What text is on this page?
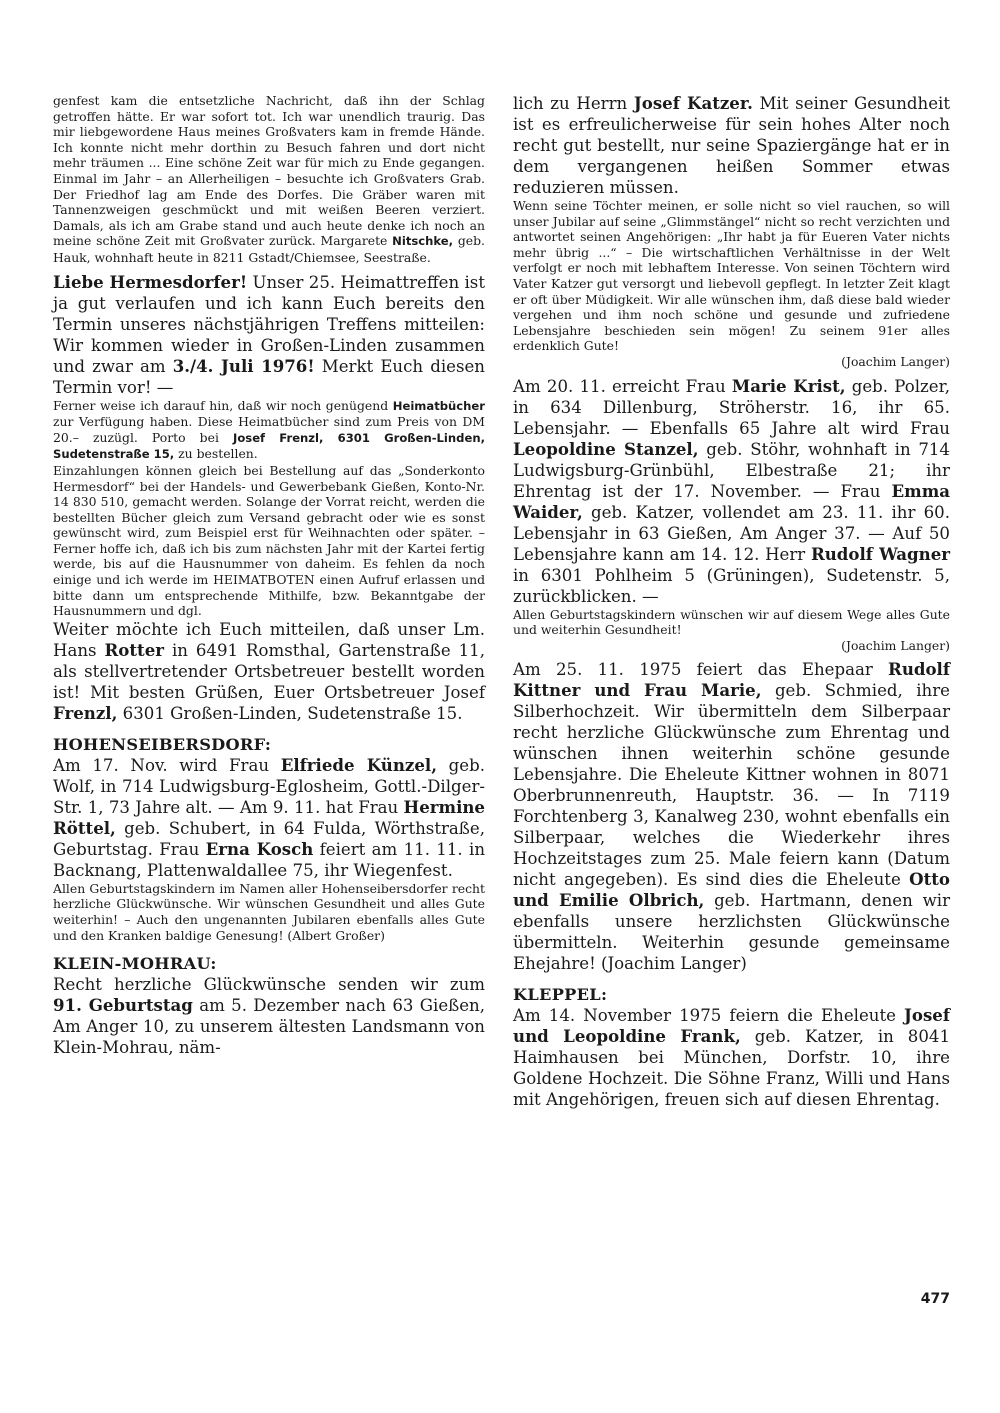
genfest kam die entsetzliche Nachricht, daß ihn der Schlag getroffen hätte. Er war sofort tot. Ich war unendlich traurig. Das mir liebgewordene Haus meines Großvaters kam in fremde Hände. Ich konnte nicht mehr dorthin zu Besuch fahren und dort nicht mehr träumen ... Eine schöne Zeit war für mich zu Ende gegangen. Einmal im Jahr – an Allerheiligen – besuchte ich Großvaters Grab. Der Friedhof lag am Ende des Dorfes. Die Gräber waren mit Tannenzweigen geschmückt und mit weißen Beeren verziert. Damals, als ich am Grabe stand und auch heute denke ich noch an meine schöne Zeit mit Großvater zurück. Margarete Nitschke, geb. Hauk, wohnhaft heute in 8211 Gstadt/Chiemsee, Seestraße.

Liebe Hermesdorfer! Unser 25. Heimattreffen ist ja gut verlaufen und ich kann Euch bereits den Termin unseres nächstjährigen Treffens mitteilen: Wir kommen wieder in Großen-Linden zusammen und zwar am 3./4. Juli 1976! Merkt Euch diesen Termin vor! —

Ferner weise ich darauf hin, daß wir noch genügend Heimatbücher zur Verfügung haben. Diese Heimatbücher sind zum Preis von DM 20.– zuzügl. Porto bei Josef Frenzl, 6301 Großen-Linden, Sudetenstraße 15, zu bestellen.

Einzahlungen können gleich bei Bestellung auf das „Sonderkonto Hermesdorf“ bei der Handels- und Gewerbebank Gießen, Konto-Nr. 14 830 510, gemacht werden. Solange der Vorrat reicht, werden die bestellten Bücher gleich zum Versand gebracht oder wie es sonst gewünscht wird, zum Beispiel erst für Weihnachten oder später. – Ferner hoffe ich, daß ich bis zum nächsten Jahr mit der Kartei fertig werde, bis auf die Hausnummer von daheim. Es fehlen da noch einige und ich werde im HEIMATBOTEN einen Aufruf erlassen und bitte dann um entsprechende Mithilfe, bzw. Bekanntgabe der Hausnummern und dgl.

Weiter möchte ich Euch mitteilen, daß unser Lm. Hans Rotter in 6491 Romsthal, Gartenstraße 11, als stellvertretender Ortsbetreuer bestellt worden ist! Mit besten Grüßen, Euer Ortsbetreuer Josef Frenzl, 6301 Großen-Linden, Sudetenstraße 15.

HOHENSEIBERSDORF:

Am 17. Nov. wird Frau Elfriede Künzel, geb. Wolf, in 714 Ludwigsburg-Eglosheim, Gottl.-Dilger-Str. 1, 73 Jahre alt. — Am 9. 11. hat Frau Hermine Röttel, geb. Schubert, in 64 Fulda, Wörthstraße, Geburtstag. Frau Erna Kosch feiert am 11. 11. in Backnang, Plattenwaldallee 75, ihr Wiegenfest.

Allen Geburtstagskindern im Namen aller Hohenseibersdorfer recht herzliche Glückwünsche. Wir wünschen Gesundheit und alles Gute weiterhin! – Auch den ungenannten Jubilaren ebenfalls alles Gute und den Kranken baldige Genesung! (Albert Großer)

KLEIN-MOHRAU:

Recht herzliche Glückwünsche senden wir zum 91. Geburtstag am 5. Dezember nach 63 Gießen, Am Anger 10, zu unserem ältesten Landsmann von Klein-Mohrau, näm-

lich zu Herrn Josef Katzer. Mit seiner Gesundheit ist es erfreulicherweise für sein hohes Alter noch recht gut bestellt, nur seine Spaziergänge hat er in dem vergangenen heißen Sommer etwas reduzieren müssen.

Wenn seine Töchter meinen, er solle nicht so viel rauchen, so will unser Jubilar auf seine „Glimmstängel“ nicht so recht verzichten und antwortet seinen Angehörigen: „Ihr habt ja für Eueren Vater nichts mehr übrig ...“ – Die wirtschaftlichen Verhältnisse in der Welt verfolgt er noch mit lebhaftem Interesse. Von seinen Töchtern wird Vater Katzer gut versorgt und liebevoll gepflegt. In letzter Zeit klagt er oft über Müdigkeit. Wir alle wünschen ihm, daß diese bald wieder vergehen und ihm noch schöne und gesunde und zufriedene Lebensjahre beschieden sein mögen! Zu seinem 91er alles erdenklich Gute!

(Joachim Langer)

Am 20. 11. erreicht Frau Marie Krist, geb. Polzer, in 634 Dillenburg, Ströherstr. 16, ihr 65. Lebensjahr. — Ebenfalls 65 Jahre alt wird Frau Leopoldine Stanzel, geb. Stöhr, wohnhaft in 714 Ludwigsburg-Grünbühl, Elbestraße 21; ihr Ehrentag ist der 17. November. — Frau Emma Waider, geb. Katzer, vollendet am 23. 11. ihr 60. Lebensjahr in 63 Gießen, Am Anger 37. — Auf 50 Lebensjahre kann am 14. 12. Herr Rudolf Wagner in 6301 Pohlheim 5 (Grüningen), Sudetenstr. 5, zurückblicken. —

Allen Geburtstagskindern wünschen wir auf diesem Wege alles Gute und weiterhin Gesundheit!

(Joachim Langer)

Am 25. 11. 1975 feiert das Ehepaar Rudolf Kittner und Frau Marie, geb. Schmied, ihre Silberhochzeit. Wir übermitteln dem Silberpaar recht herzliche Glückwünsche zum Ehrentag und wünschen ihnen weiterhin schöne gesunde Lebensjahre. Die Eheleute Kittner wohnen in 8071 Oberbrunnenreuth, Hauptstr. 36. — In 7119 Forchtenberg 3, Kanalweg 230, wohnt ebenfalls ein Silberpaar, welches die Wiederkehr ihres Hochzeitstages zum 25. Male feiern kann (Datum nicht angegeben). Es sind dies die Eheleute Otto und Emilie Olbrich, geb. Hartmann, denen wir ebenfalls unsere herzlichsten Glückwünsche übermitteln. Weiterhin gesunde gemeinsame Ehejahre! (Joachim Langer)

KLEPPEL:

Am 14. November 1975 feiern die Eheleute Josef und Leopoldine Frank, geb. Katzer, in 8041 Haimhausen bei München, Dorfstr. 10, ihre Goldene Hochzeit. Die Söhne Franz, Willi und Hans mit Angehörigen, freuen sich auf diesen Ehrentag.

477
